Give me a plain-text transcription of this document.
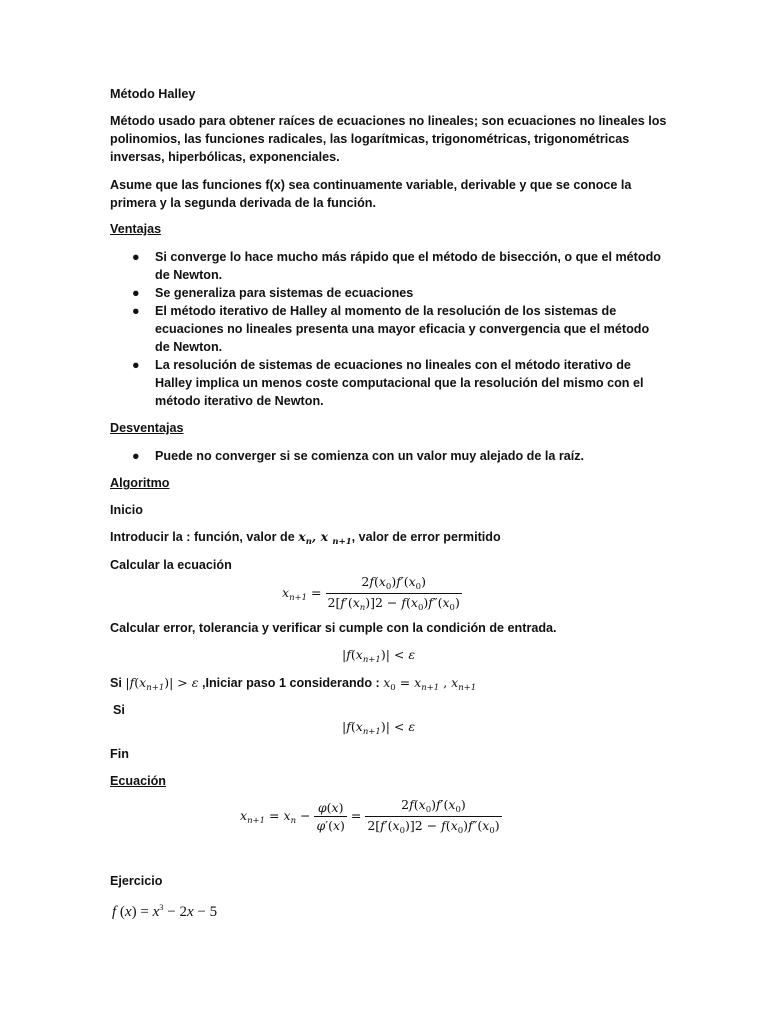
Método Halley
Método usado para obtener raíces de ecuaciones no lineales; son ecuaciones no lineales los polinomios, las funciones radicales, las logarítmicas, trigonométricas, trigonométricas inversas, hiperbólicas, exponenciales.
Asume que las funciones f(x) sea continuamente variable, derivable y que se conoce la primera y la segunda derivada de la función.
Ventajas
● Si converge lo hace mucho más rápido que el método de bisección, o que el método de Newton.
● Se generaliza para sistemas de ecuaciones
● El método iterativo de Halley al momento de la resolución de los sistemas de ecuaciones no lineales presenta una mayor eficacia y convergencia que el método de Newton.
● La resolución de sistemas de ecuaciones no lineales con el método iterativo de Halley implica un menos coste computacional que la resolución del mismo con el método iterativo de Newton.
Desventajas
● Puede no converger si se comienza con un valor muy alejado de la raíz.
Algoritmo
Inicio
Introducir la : función, valor de $x_n$, x $_{n+1}$, valor de error permitido
Calcular la ecuación
$x_{n+1} = \frac{2f(x_0)f'(x_0)}{2[f'(x_n)]2 - f(x_0)f''(x_0)}$
Calcular error, tolerancia y verificar si cumple con la condición de entrada.
$|f(x_{n+1})| < \varepsilon$
Si $|f(x_{n+1})| > \varepsilon$ ,Iniciar paso 1 considerando : $x_0 = x_{n+1}$ , $x_{n+1}$
Si
$|f(x_{n+1})| < \varepsilon$
Fin
Ecuación
$x_{n+1} = x_n - \frac{\varphi(x)}{\varphi'(x)} = \frac{2f(x_0)f'(x_0)}{2[f'(x_0)]2 - f(x_0)f''(x_0)}$
Ejercicio
f $(x) = x^3 - 2x - 5$
